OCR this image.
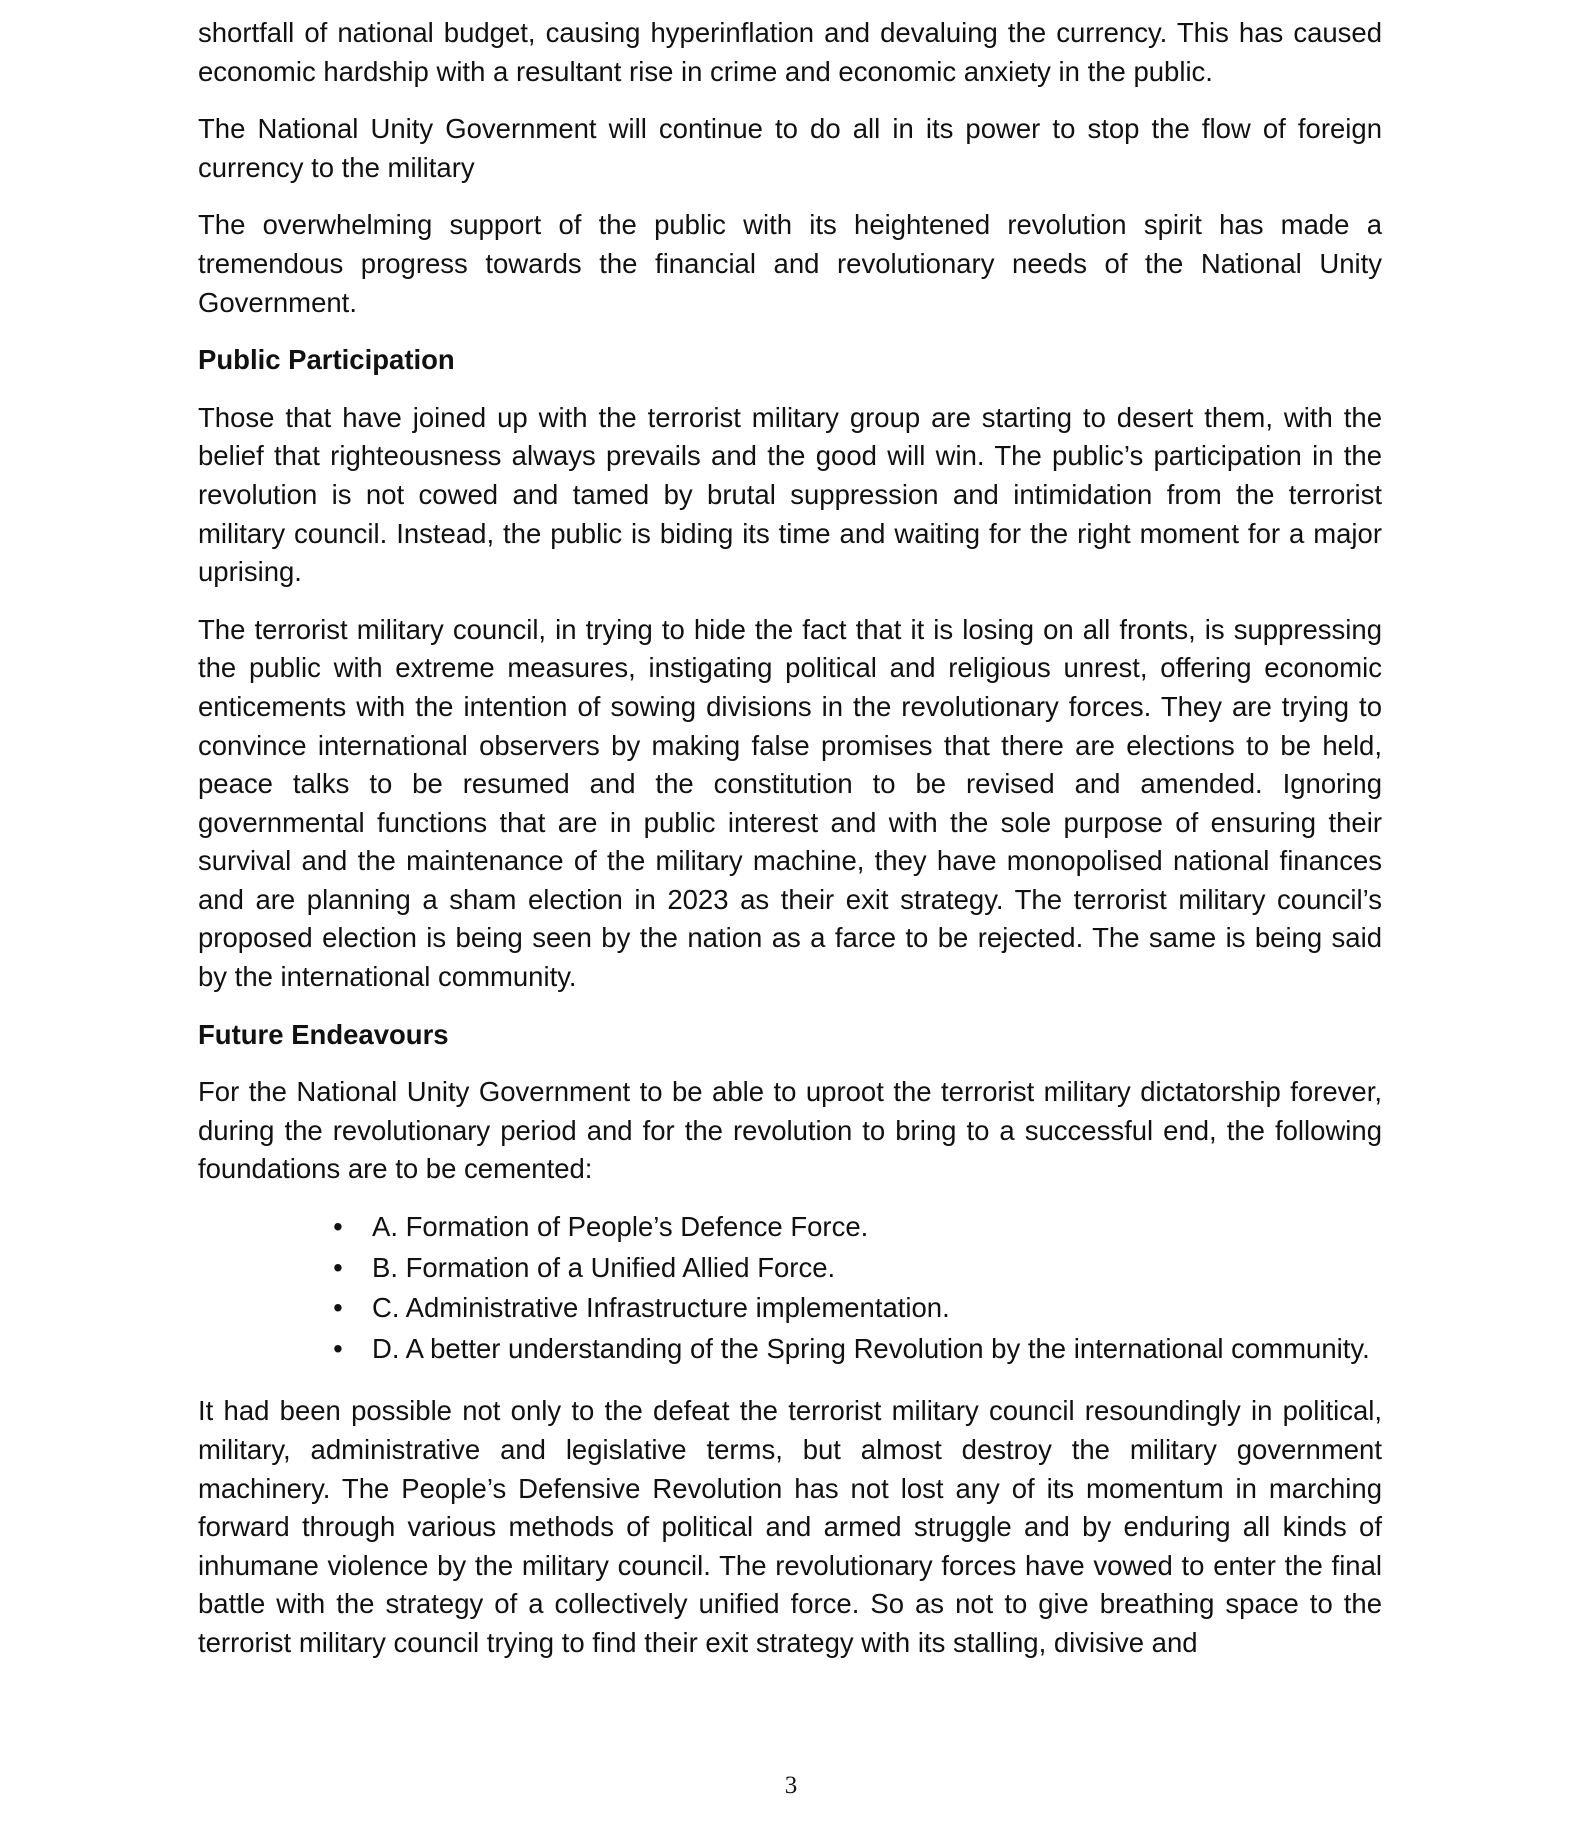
shortfall of national budget, causing hyperinflation and devaluing the currency. This has caused economic hardship with a resultant rise in crime and economic anxiety in the public.

The National Unity Government will continue to do all in its power to stop the flow of foreign currency to the military

The overwhelming support of the public with its heightened revolution spirit has made a tremendous progress towards the financial and revolutionary needs of the National Unity Government.

Public Participation

Those that have joined up with the terrorist military group are starting to desert them, with the belief that righteousness always prevails and the good will win. The public’s participation in the revolution is not cowed and tamed by brutal suppression and intimidation from the terrorist military council. Instead, the public is biding its time and waiting for the right moment for a major uprising.

The terrorist military council, in trying to hide the fact that it is losing on all fronts, is suppressing the public with extreme measures, instigating political and religious unrest, offering economic enticements with the intention of sowing divisions in the revolutionary forces. They are trying to convince international observers by making false promises that there are elections to be held, peace talks to be resumed and the constitution to be revised and amended. Ignoring governmental functions that are in public interest and with the sole purpose of ensuring their survival and the maintenance of the military machine, they have monopolised national finances and are planning a sham election in 2023 as their exit strategy. The terrorist military council’s proposed election is being seen by the nation as a farce to be rejected. The same is being said by the international community.

Future Endeavours

For the National Unity Government to be able to uproot the terrorist military dictatorship forever, during the revolutionary period and for the revolution to bring to a successful end, the following foundations are to be cemented:

• A. Formation of People’s Defence Force.
• B. Formation of a Unified Allied Force.
• C. Administrative Infrastructure implementation.
• D. A better understanding of the Spring Revolution by the international community.

It had been possible not only to the defeat the terrorist military council resoundingly in political, military, administrative and legislative terms, but almost destroy the military government machinery. The People’s Defensive Revolution has not lost any of its momentum in marching forward through various methods of political and armed struggle and by enduring all kinds of inhumane violence by the military council. The revolutionary forces have vowed to enter the final battle with the strategy of a collectively unified force. So as not to give breathing space to the terrorist military council trying to find their exit strategy with its stalling, divisive and

3
